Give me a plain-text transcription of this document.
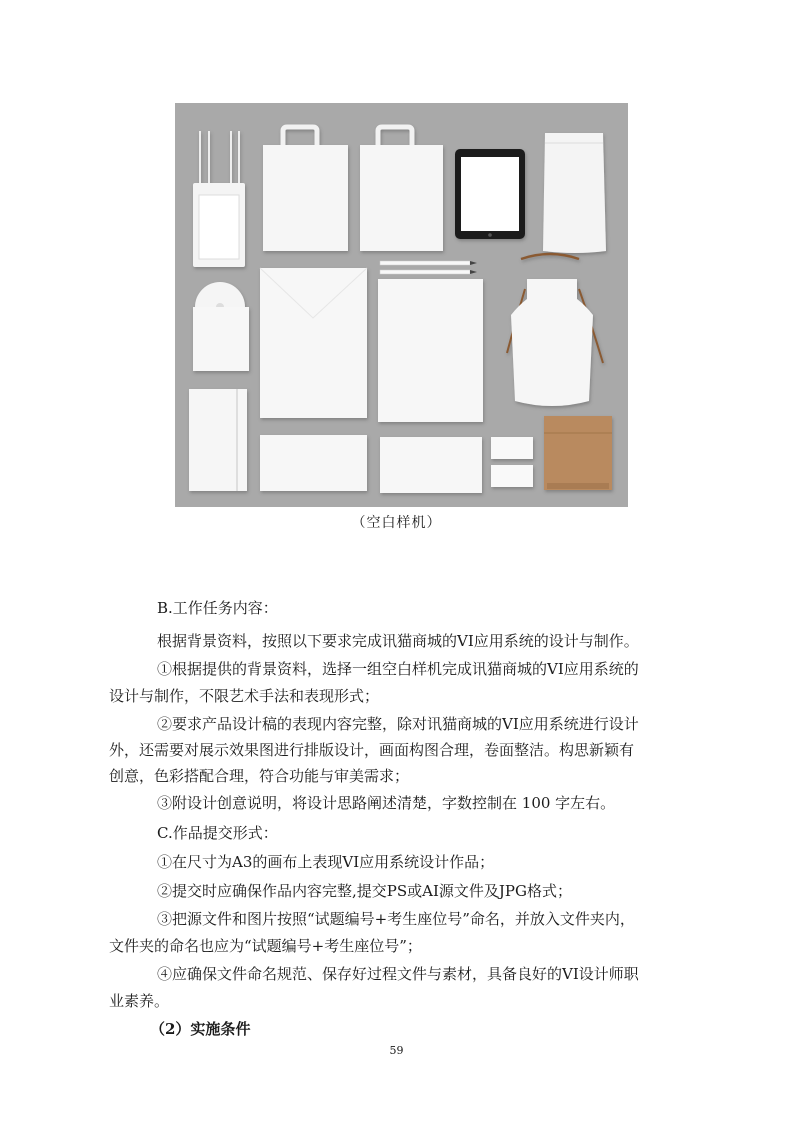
（空白样机）
B.工作任务内容：
根据背景资料，按照以下要求完成讯猫商城的VI应用系统的设计与制作。
①根据提供的背景资料，选择一组空白样机完成讯猫商城的VI应用系统的
设计与制作，不限艺术手法和表现形式；
②要求产品设计稿的表现内容完整，除对讯猫商城的VI应用系统进行设计
外，还需要对展示效果图进行排版设计，画面构图合理，卷面整洁。构思新颖有
创意，色彩搭配合理，符合功能与审美需求；
③附设计创意说明，将设计思路阐述清楚，字数控制在 100 字左右。
C.作品提交形式：
①在尺寸为A3的画布上表现VI应用系统设计作品；
②提交时应确保作品内容完整,提交PS或AI源文件及JPG格式；
③把源文件和图片按照“试题编号+考生座位号”命名，并放入文件夹内，
文件夹的命名也应为“试题编号+考生座位号”；
④应确保文件命名规范、保存好过程文件与素材，具备良好的VI设计师职
业素养。
（2）实施条件
59
